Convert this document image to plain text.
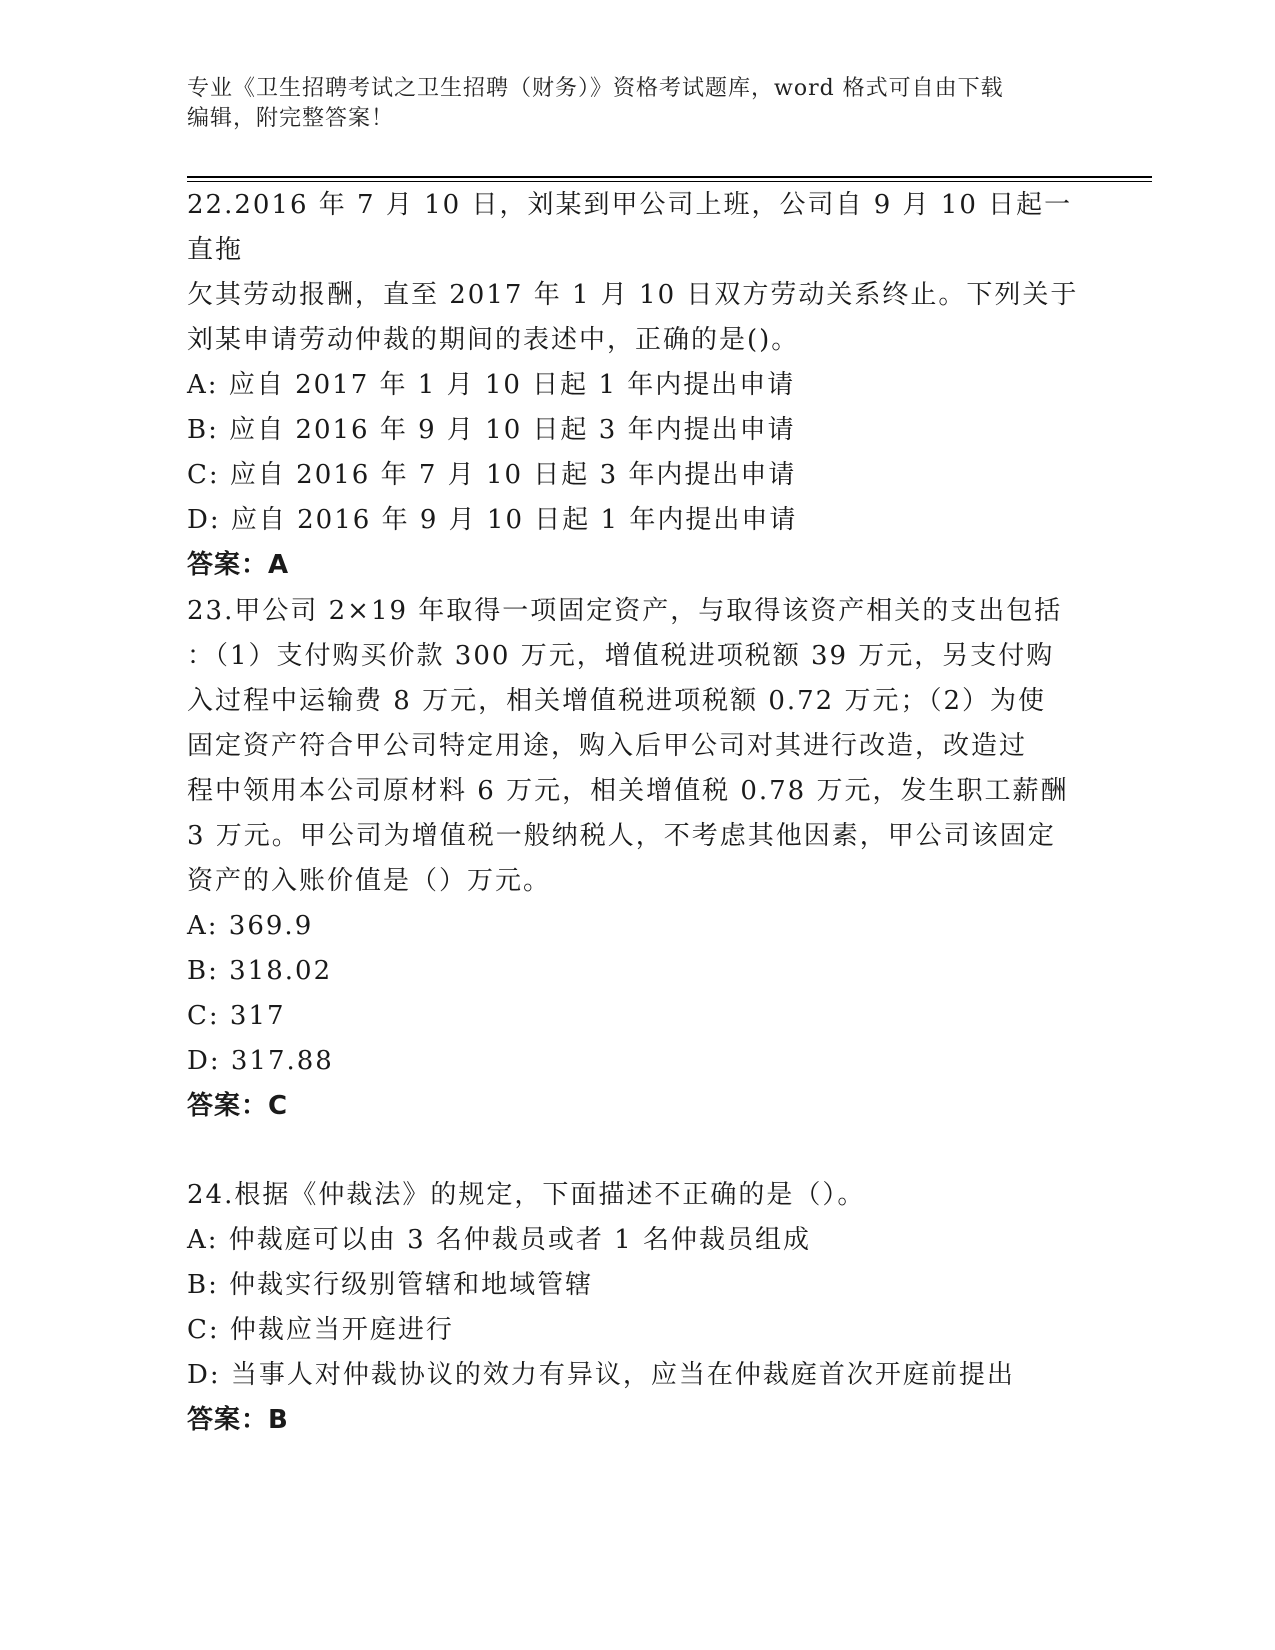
专业《卫生招聘考试之卫生招聘（财务）》资格考试题库，word 格式可自由下载
编辑，附完整答案！

22.2016 年 7 月 10 日，刘某到甲公司上班，公司自 9 月 10 日起一直拖

欠其劳动报酬，直至 2017 年 1 月 10 日双方劳动关系终止。下列关于

刘某申请劳动仲裁的期间的表述中，正确的是()。

A: 应自 2017 年 1 月 10 日起 1 年内提出申请

B: 应自 2016 年 9 月 10 日起 3 年内提出申请

C: 应自 2016 年 7 月 10 日起 3 年内提出申请

D: 应自 2016 年 9 月 10 日起 1 年内提出申请

答案：A

23.甲公司 2×19 年取得一项固定资产，与取得该资产相关的支出包括

：（1）支付购买价款 300 万元，增值税进项税额 39 万元，另支付购

入过程中运输费 8 万元，相关增值税进项税额 0.72 万元；（2）为使

固定资产符合甲公司特定用途，购入后甲公司对其进行改造，改造过

程中领用本公司原材料 6 万元，相关增值税 0.78 万元，发生职工薪酬

3 万元。甲公司为增值税一般纳税人，不考虑其他因素，甲公司该固定

资产的入账价值是（）万元。

A: 369.9

B: 318.02

C: 317

D: 317.88

答案：C

24.根据《仲裁法》的规定，下面描述不正确的是（）。

A: 仲裁庭可以由 3 名仲裁员或者 1 名仲裁员组成

B: 仲裁实行级别管辖和地域管辖

C: 仲裁应当开庭进行

D: 当事人对仲裁协议的效力有异议，应当在仲裁庭首次开庭前提出

答案：B
